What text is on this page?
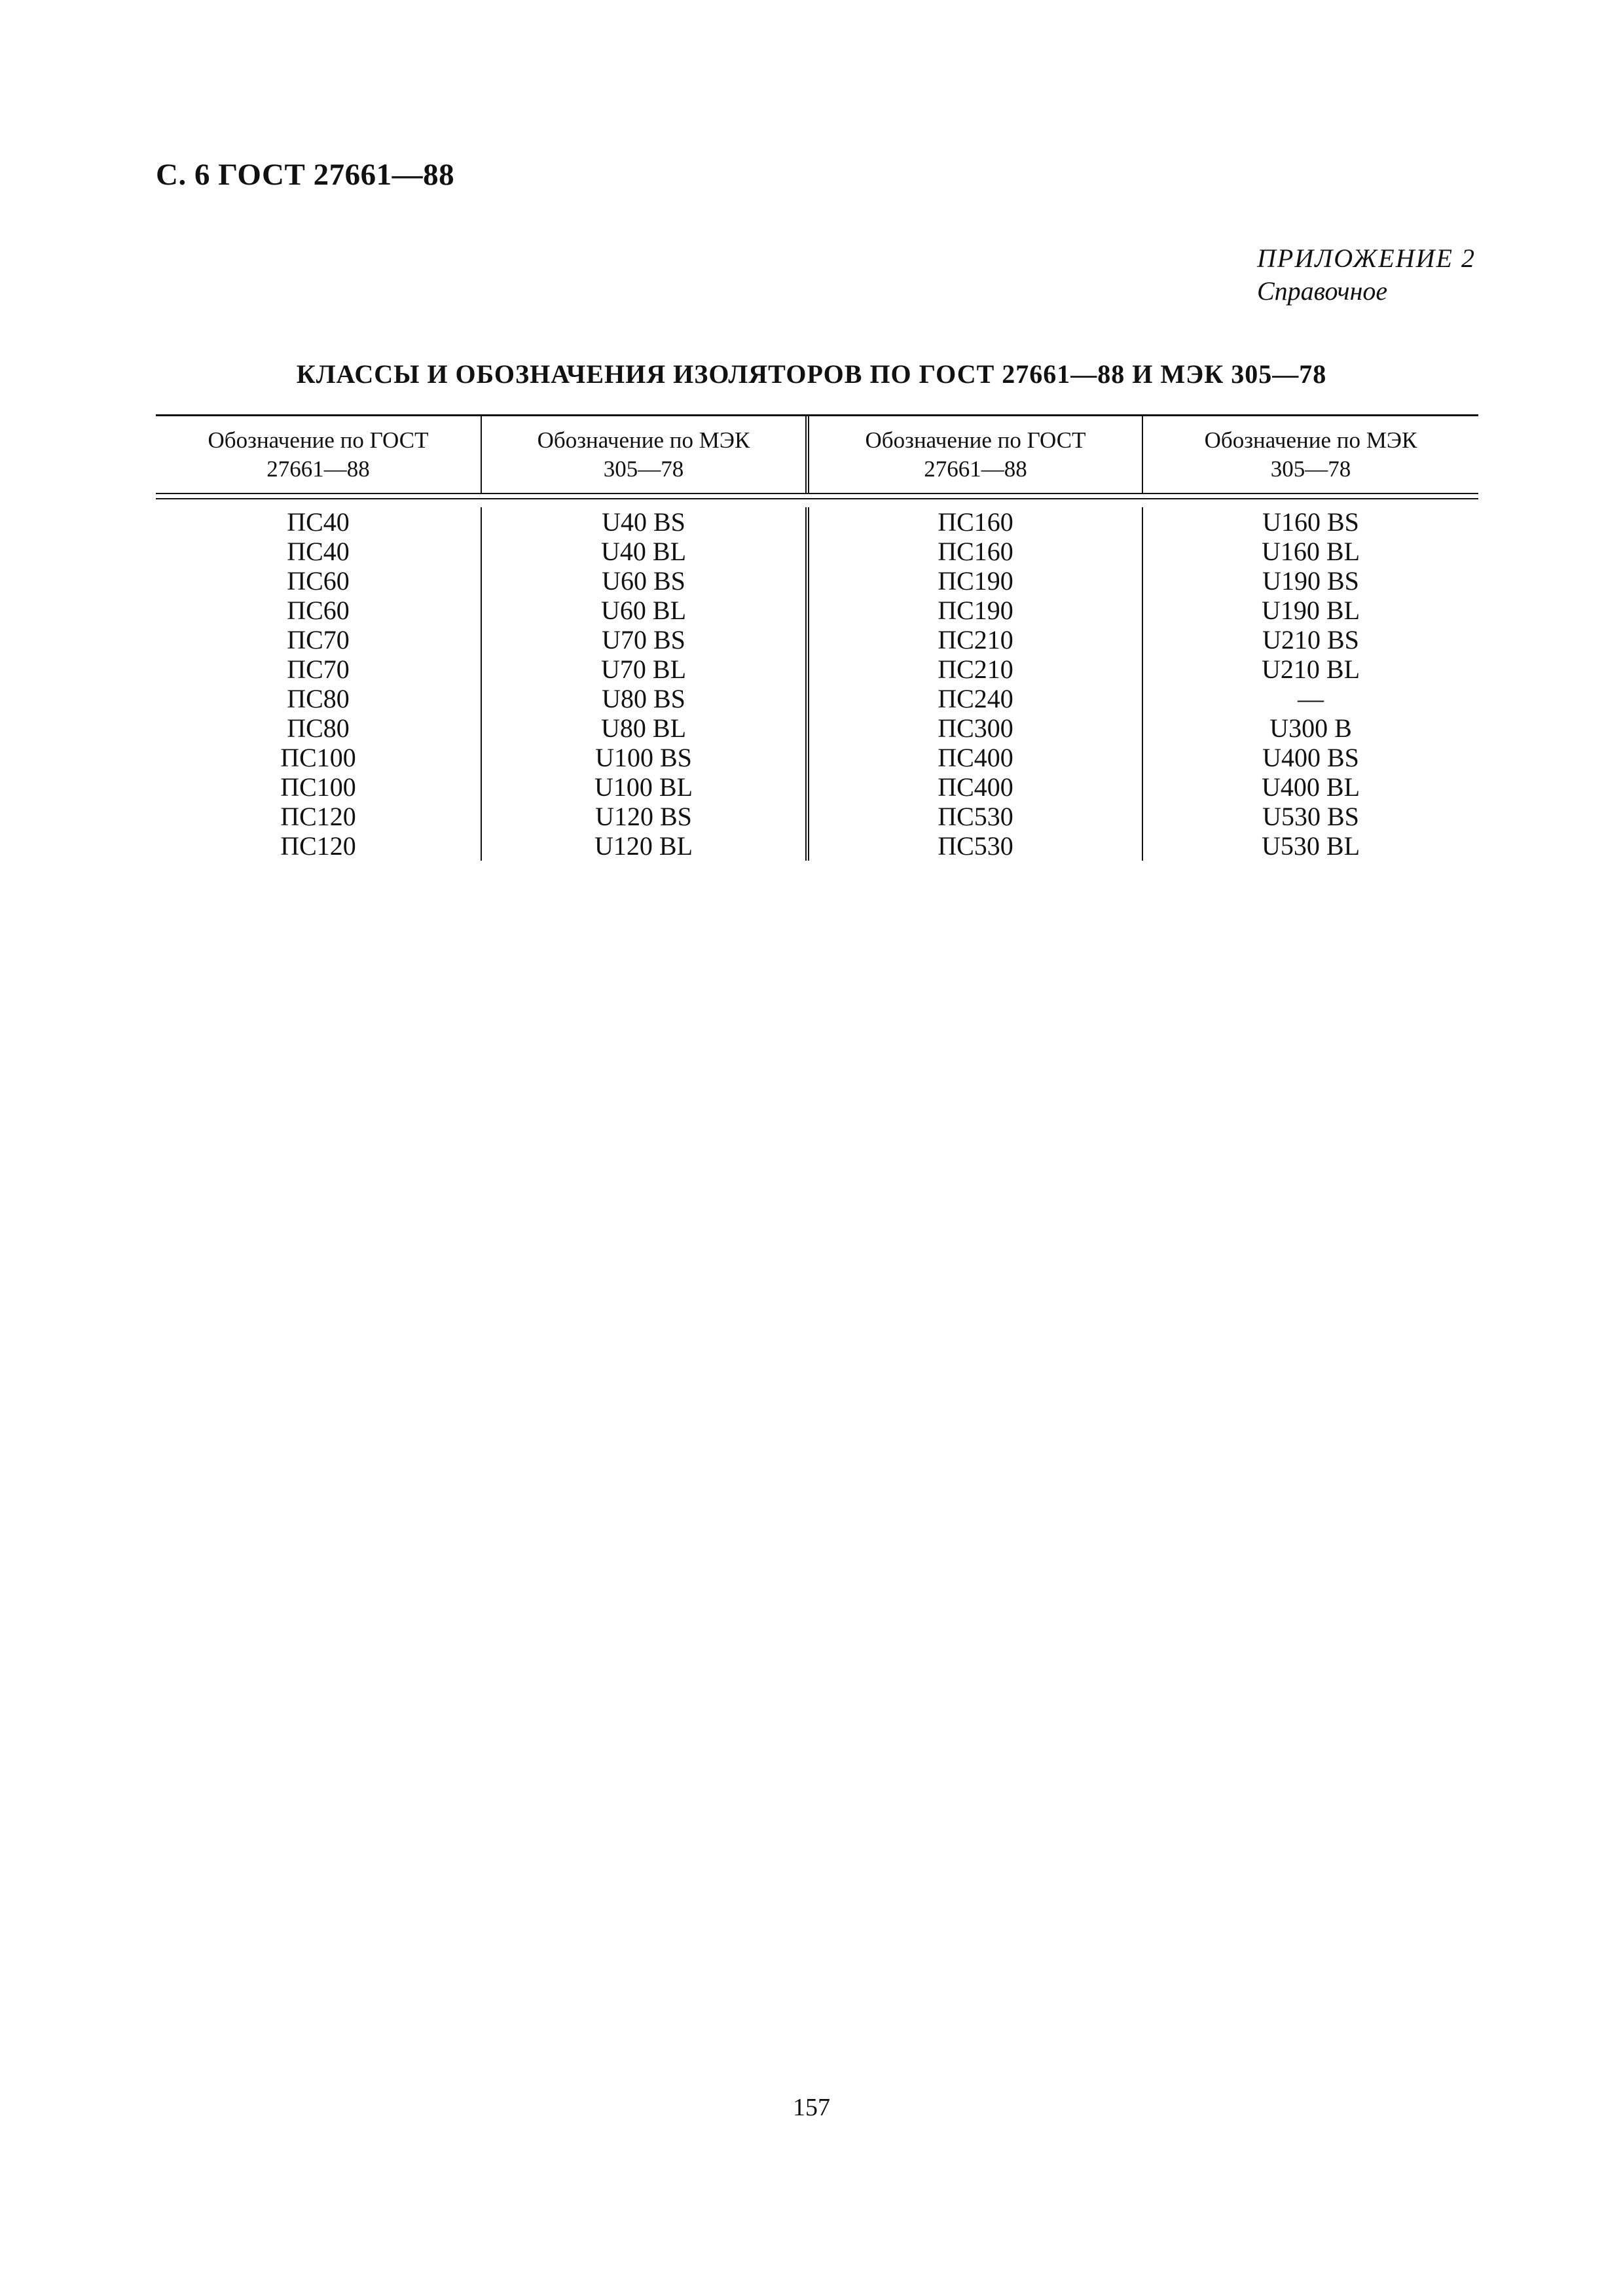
С. 6 ГОСТ 27661—88
ПРИЛОЖЕНИЕ 2
Справочное
КЛАССЫ И ОБОЗНАЧЕНИЯ ИЗОЛЯТОРОВ ПО ГОСТ 27661—88 И МЭК 305—78
Обозначение по ГОСТ
27661—88
Обозначение по МЭК
305—78
Обозначение по ГОСТ
27661—88
Обозначение по МЭК
305—78
ПС40
ПС40
ПС60
ПС60
ПС70
ПС70
ПС80
ПС80
ПС100
ПС100
ПС120
ПС120
U40 BS
U40 BL
U60 BS
U60 BL
U70 BS
U70 BL
U80 BS
U80 BL
U100 BS
U100 BL
U120 BS
U120 BL
ПС160
ПС160
ПС190
ПС190
ПС210
ПС210
ПС240
ПС300
ПС400
ПС400
ПС530
ПС530
U160 BS
U160 BL
U190 BS
U190 BL
U210 BS
U210 BL
—
U300 B
U400 BS
U400 BL
U530 BS
U530 BL
157
